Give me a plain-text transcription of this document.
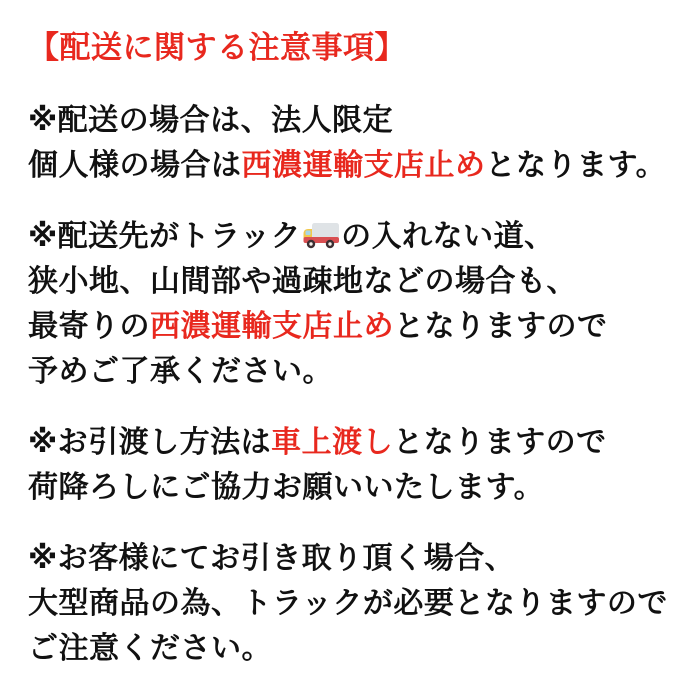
【配送に関する注意事項】
※配送の場合は、法人限定
個人様の場合は西濃運輸支店止めとなります。
※配送先がトラック の入れない道、
狭小地、山間部や過疎地などの場合も、
最寄りの西濃運輸支店止めとなりますので
予めご了承ください。
※お引渡し方法は車上渡しとなりますので
荷降ろしにご協力お願いいたします。
※お客様にてお引き取り頂く場合、
大型商品の為、トラックが必要となりますので
ご注意ください。
